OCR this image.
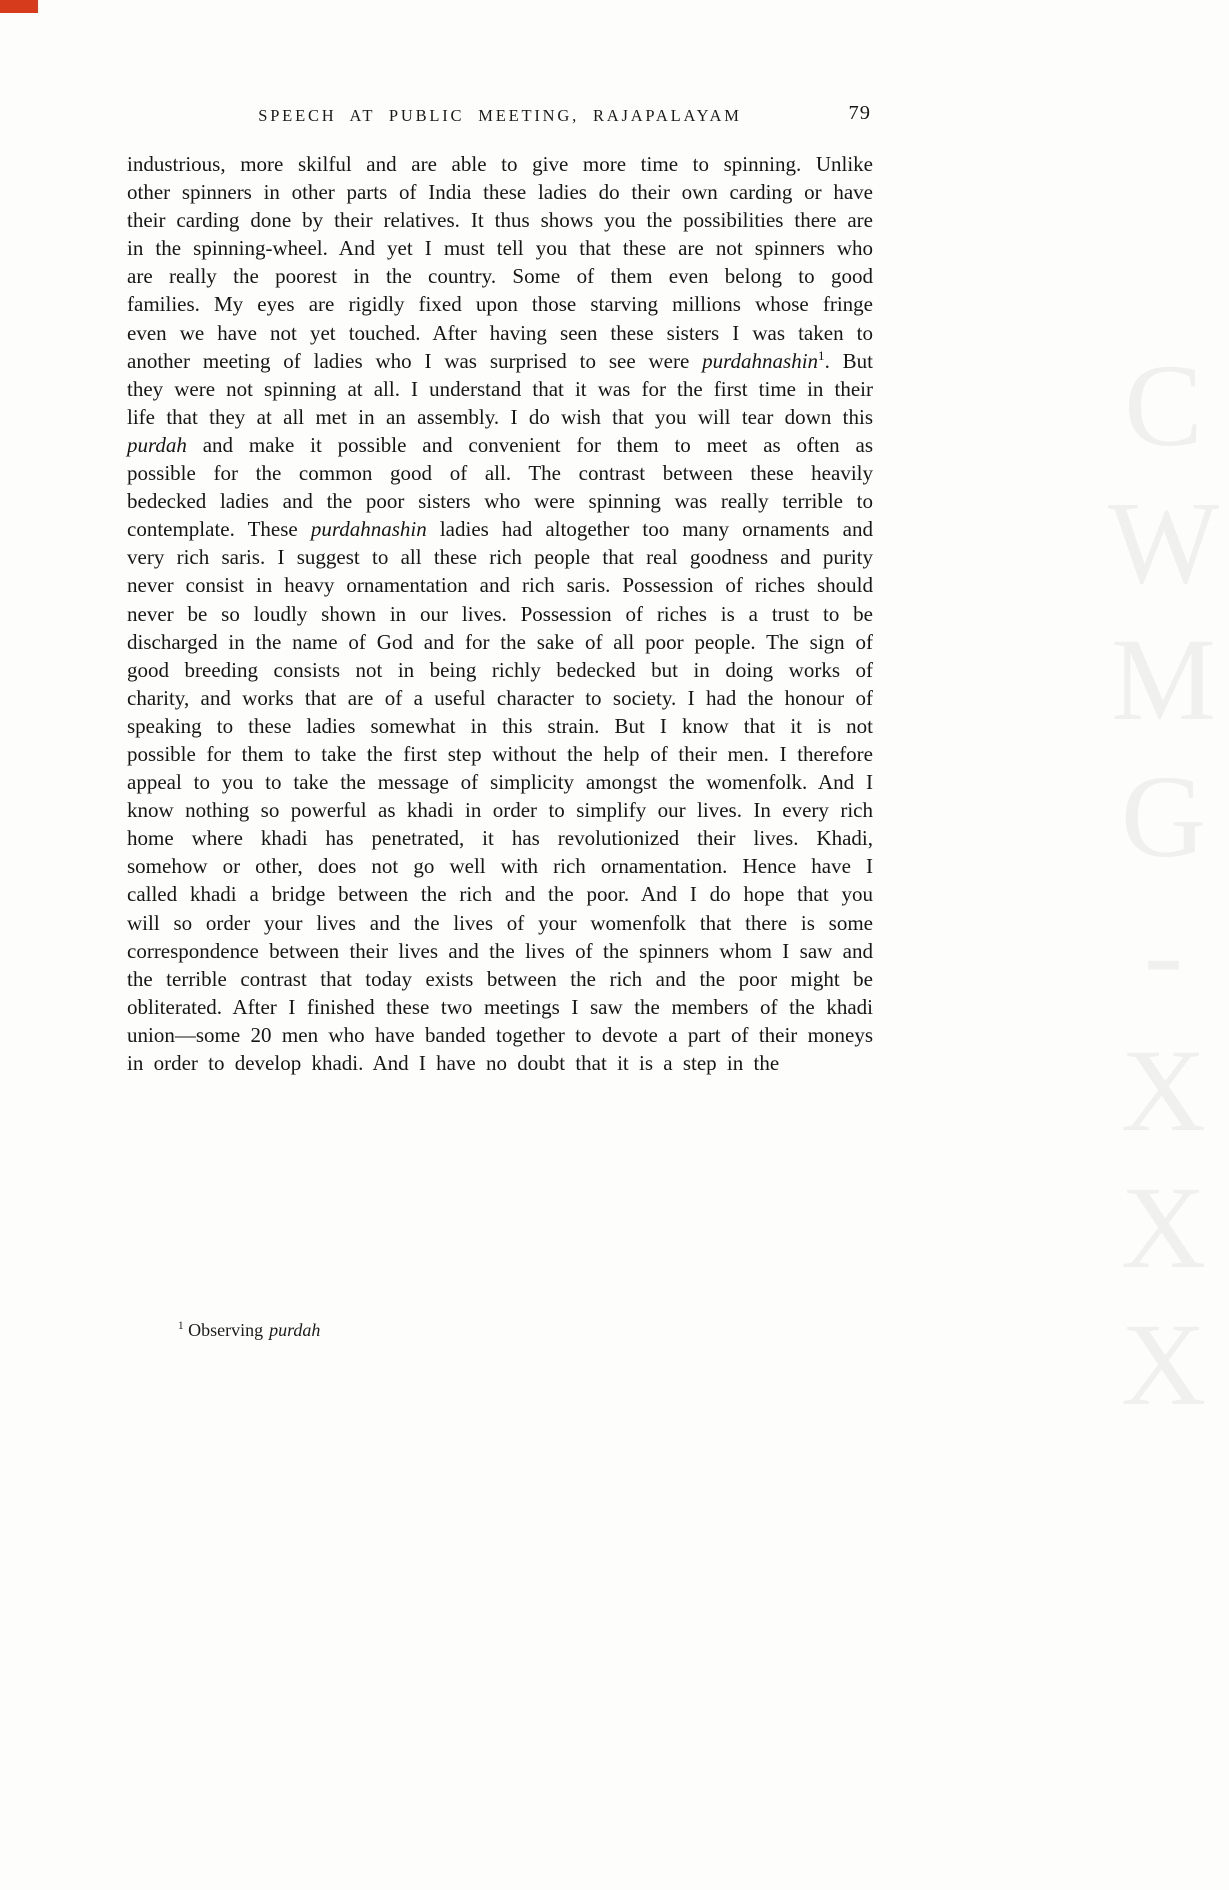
CWMG-XXX
SPEECH AT PUBLIC MEETING, RAJAPALAYAM	79
industrious, more skilful and are able to give more time to spinning. Unlike other spinners in other parts of India these ladies do their own carding or have their carding done by their relatives. It thus shows you the possibilities there are in the spinning-wheel. And yet I must tell you that these are not spinners who are really the poorest in the country. Some of them even belong to good families. My eyes are rigidly fixed upon those starving millions whose fringe even we have not yet touched. After having seen these sisters I was taken to another meeting of ladies who I was surprised to see were purdahnashin$^1$. But they were not spinning at all. I understand that it was for the first time in their life that they at all met in an assembly. I do wish that you will tear down this purdah and make it possible and convenient for them to meet as often as possible for the common good of all. The contrast between these heavily bedecked ladies and the poor sisters who were spinning was really terrible to contemplate. These purdahnashin ladies had altogether too many ornaments and very rich saris. I suggest to all these rich people that real goodness and purity never consist in heavy ornamentation and rich saris. Possession of riches should never be so loudly shown in our lives. Possession of riches is a trust to be discharged in the name of God and for the sake of all poor people. The sign of good breeding consists not in being richly bedecked but in doing works of charity, and works that are of a useful character to society. I had the honour of speaking to these ladies somewhat in this strain. But I know that it is not possible for them to take the first step without the help of their men. I therefore appeal to you to take the message of simplicity amongst the womenfolk. And I know nothing so powerful as khadi in order to simplify our lives. In every rich home where khadi has penetrated, it has revolutionized their lives. Khadi, somehow or other, does not go well with rich ornamentation. Hence have I called khadi a bridge between the rich and the poor. And I do hope that you will so order your lives and the lives of your womenfolk that there is some correspondence between their lives and the lives of the spinners whom I saw and the terrible contrast that today exists between the rich and the poor might be obliterated. After I finished these two meetings I saw the members of the khadi union—some 20 men who have banded together to devote a part of their moneys in order to develop khadi. And I have no doubt that it is a step in the
$^1$ Observing purdah
